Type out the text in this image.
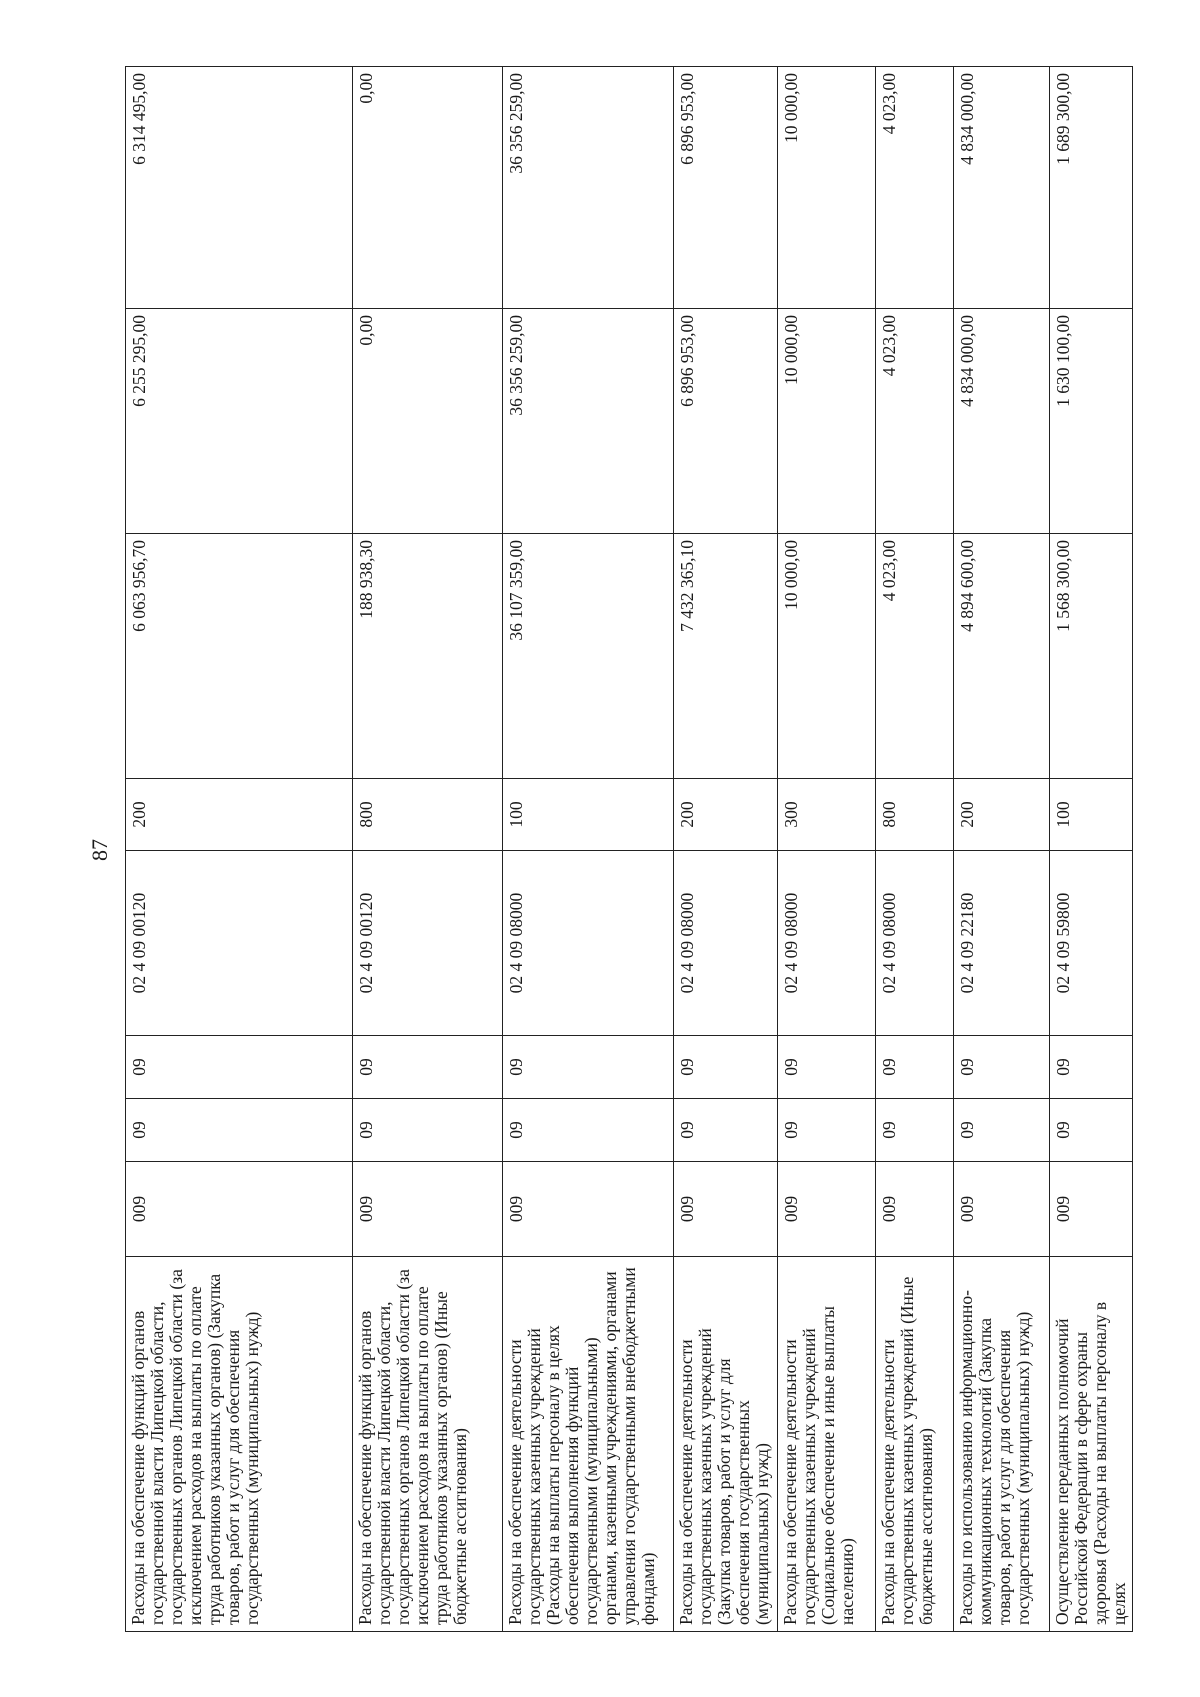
87
Расходы на обеспечение функций органов государственной власти Липецкой области, государственных органов Липецкой области (за исключением расходов на выплаты по оплате труда работников указанных органов) (Закупка товаров, работ и услуг для обеспечения государственных (муниципальных) нужд)	009	09	09	02 4 09 00120	200	6 063 956,70	6 255 295,00	6 314 495,00
Расходы на обеспечение функций органов государственной власти Липецкой области, государственных органов Липецкой области (за исключением расходов на выплаты по оплате труда работников указанных органов) (Иные бюджетные ассигнования)	009	09	09	02 4 09 00120	800	188 938,30	0,00	0,00
Расходы на обеспечение деятельности государственных казенных учреждений (Расходы на выплаты персоналу в целях обеспечения выполнения функций государственными (муниципальными) органами, казенными учреждениями, органами управления государственными внебюджетными фондами)	009	09	09	02 4 09 08000	100	36 107 359,00	36 356 259,00	36 356 259,00
Расходы на обеспечение деятельности государственных казенных учреждений (Закупка товаров, работ и услуг для обеспечения государственных (муниципальных) нужд)	009	09	09	02 4 09 08000	200	7 432 365,10	6 896 953,00	6 896 953,00
Расходы на обеспечение деятельности государственных казенных учреждений (Социальное обеспечение и иные выплаты населению)	009	09	09	02 4 09 08000	300	10 000,00	10 000,00	10 000,00
Расходы на обеспечение деятельности государственных казенных учреждений (Иные бюджетные ассигнования)	009	09	09	02 4 09 08000	800	4 023,00	4 023,00	4 023,00
Расходы по использованию информационно-коммуникационных технологий (Закупка товаров, работ и услуг для обеспечения государственных (муниципальных) нужд)	009	09	09	02 4 09 22180	200	4 894 600,00	4 834 000,00	4 834 000,00
Осуществление переданных полномочий Российской Федерации в сфере охраны здоровья (Расходы на выплаты персоналу в целях	009	09	09	02 4 09 59800	100	1 568 300,00	1 630 100,00	1 689 300,00
